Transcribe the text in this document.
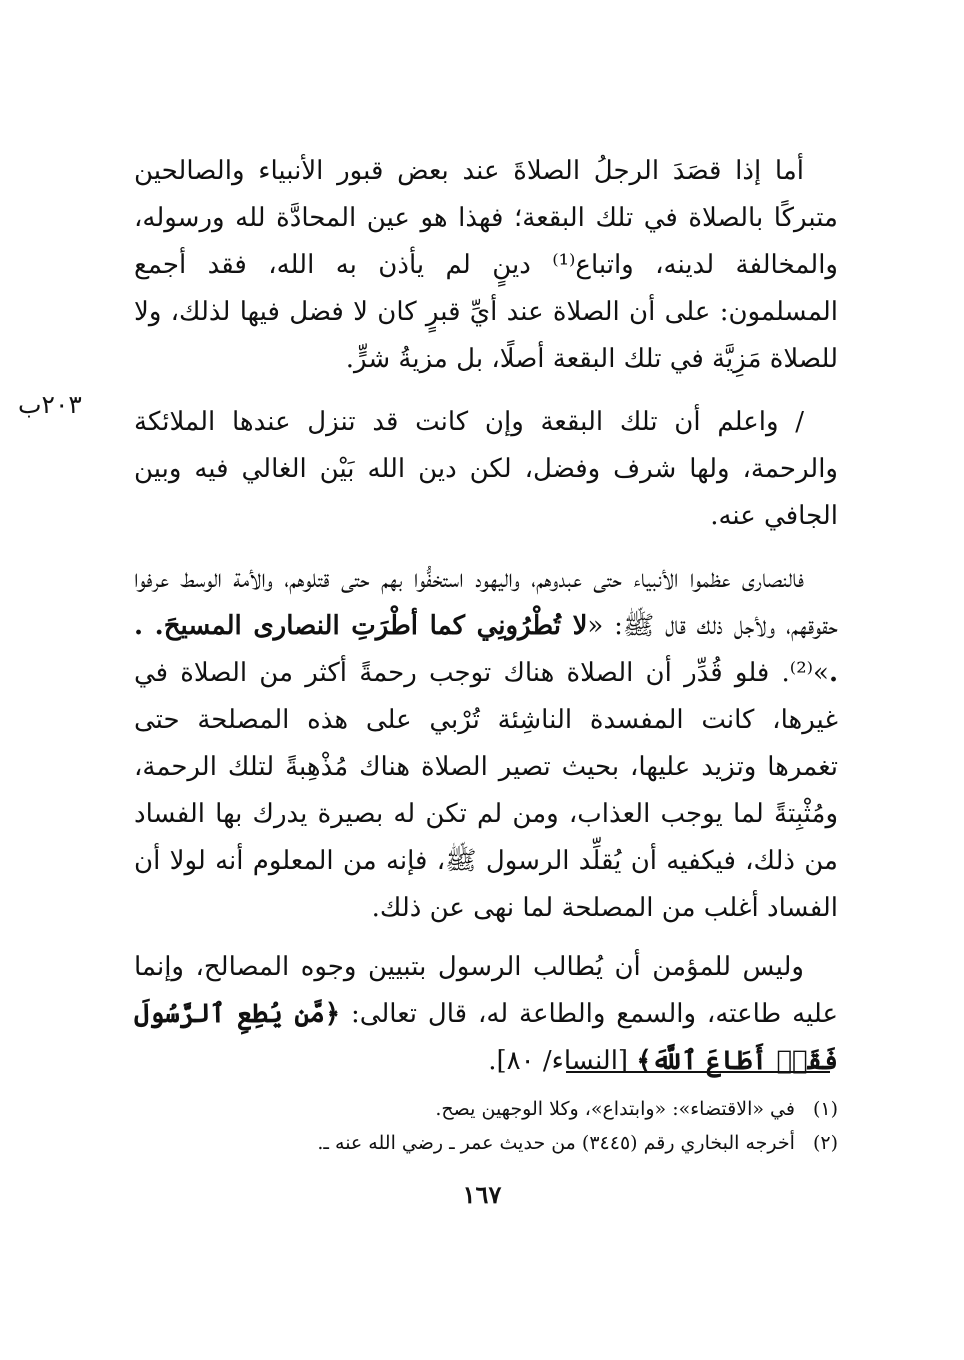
٢٠٣ب

أما إذا قصَدَ الرجلُ الصلاةَ عند بعض قبور الأنبياء والصالحين متبركًا بالصلاة في تلك البقعة؛ فهذا هو عين المحادَّة لله ورسوله، والمخالفة لدينه، واتباع⁽¹⁾ دينٍ لم يأذن به الله، فقد أجمع المسلمون: على أن الصلاة عند أيِّ قبرٍ كان لا فضل فيها لذلك، ولا للصلاة مَزِيَّة في تلك البقعة أصلًا، بل مزيةُ شرٍّ.

/ واعلم أن تلك البقعة وإن كانت قد تنزل عندها الملائكة والرحمة، ولها شرف وفضل، لكن دين الله بَيْن الغالي فيه وبين الجافي عنه.

فالنصارى عظموا الأنبياء حتى عبدوهم، واليهود استخفُّوا بهم حتى قتلوهم، والأمة الوسط عرفوا حقوقهم، ولأجل ذلك قال ﷺ: «لا تُطْرُونِي كما أطْرَتِ النصارى المسيحَ. . .»⁽²⁾. فلو قُدِّر أن الصلاة هناك توجب رحمةً أكثر من الصلاة في غيرها، كانت المفسدة الناشِئة تُرْبي على هذه المصلحة حتى تغمرها وتزيد عليها، بحيث تصير الصلاة هناك مُذْهِبةً لتلك الرحمة، ومُثْبِتةً لما يوجب العذاب، ومن لم تكن له بصيرة يدرك بها الفساد من ذلك، فيكفيه أن يُقلِّد الرسول ﷺ، فإنه من المعلوم أنه لولا أن الفساد أغلب من المصلحة لما نهى عن ذلك.

وليس للمؤمن أن يُطالب الرسول بتبيين وجوه المصالح، وإنما عليه طاعته، والسمع والطاعة له، قال تعالى: ﴿مَّن يُطِعِ ٱلرَّسُولَ فَقَدۡ أَطَاعَ ٱللَّهَ﴾ [النساء/ ٨٠].

(١)
في «الاقتضاء»: «وابتداع»، وكلا الوجهين يصح.

(٢)
أخرجه البخاري رقم (٣٤٤٥) من حديث عمر ـ رضي الله عنه ـ.

١٦٧
